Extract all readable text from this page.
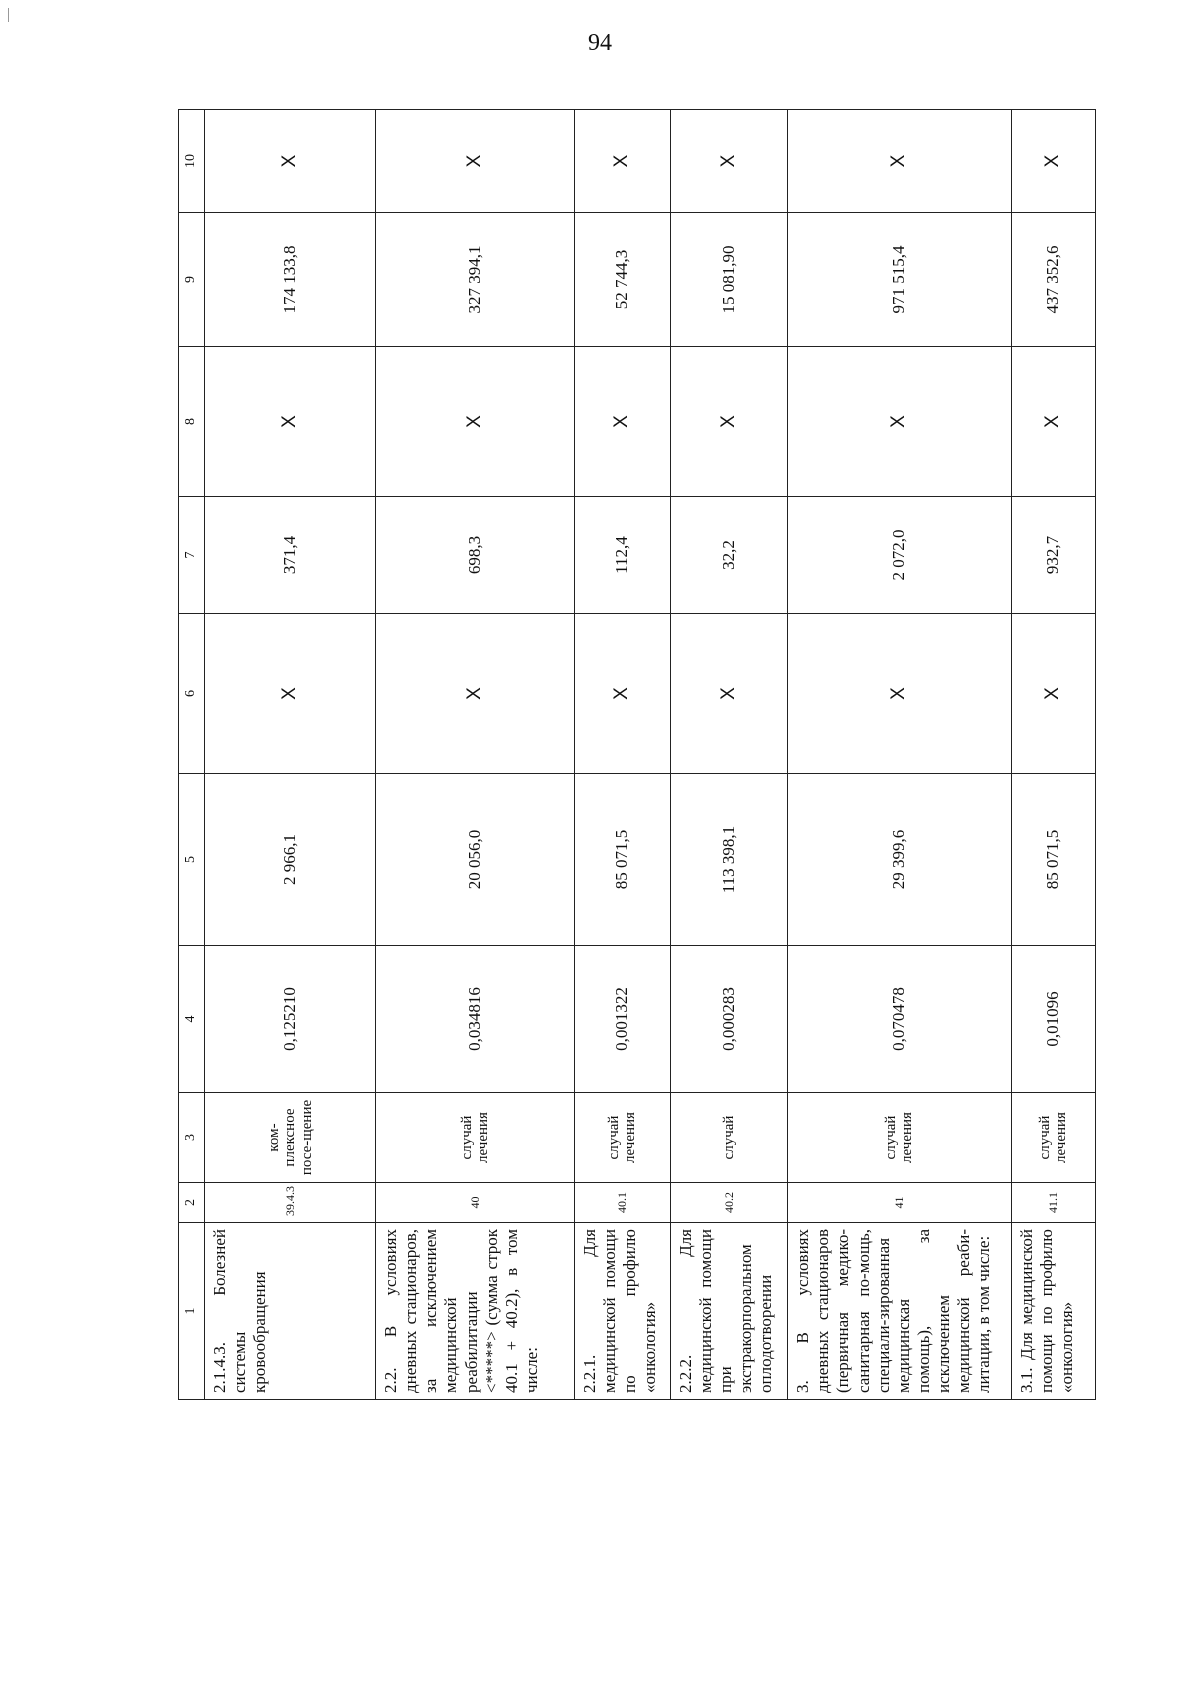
94
1	2	3	4	5	6	7	8	9	10
2.1.4.3. Болезней системы кровообращения	39.4.3	ком-плексное посе-щение	0,125210	2 966,1	Х	371,4	Х	174 133,8	Х
2.2. В условиях дневных стационаров, за исключением медицинской реабилитации <*****> (сумма строк 40.1 + 40.2), в том числе:	40	случай лечения	0,034816	20 056,0	Х	698,3	Х	327 394,1	Х
2.2.1. Для медицинской помощи по профилю «онкология»	40.1	случай лечения	0,001322	85 071,5	Х	112,4	Х	52 744,3	Х
2.2.2. Для медицинской помощи при экстракорпоральном оплодотворении	40.2	случай	0,000283	113 398,1	Х	32,2	Х	15 081,90	Х
3. В условиях дневных стационаров (первичная медико-санитарная по-мощь, специали-зированная медицинская помощь), за исключением медицинской реаби-литации, в том числе:	41	случай лечения	0,070478	29 399,6	Х	2 072,0	Х	971 515,4	Х
3.1. Для медицинской помощи по профилю «онкология»	41.1	случай лечения	0,01096	85 071,5	Х	932,7	Х	437 352,6	Х
